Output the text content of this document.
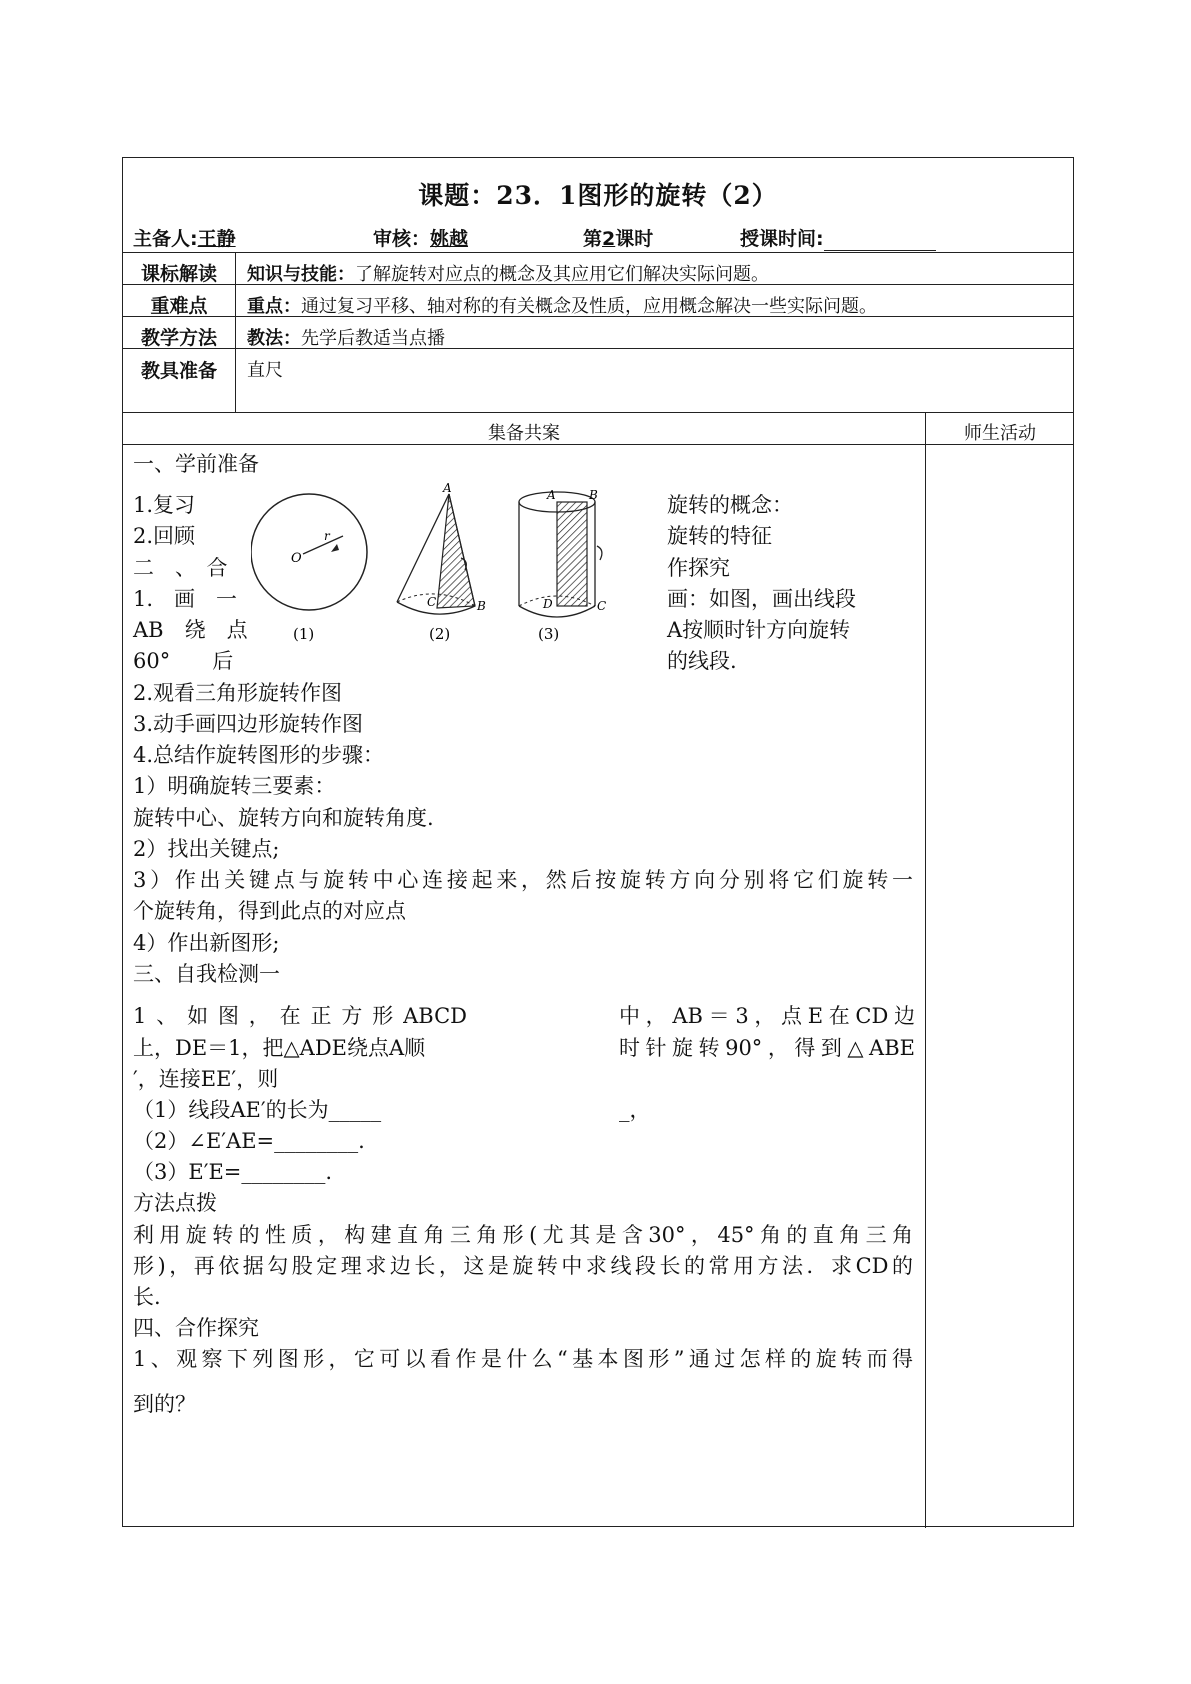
课题：23．1图形的旋转（2）
主备人:王静	审核：姚越	第2课时	授课时间:
课标解读	知识与技能：了解旋转对应点的概念及其应用它们解决实际问题。
重难点	重点：通过复习平移、轴对称的有关概念及性质，应用概念解决一些实际问题。
教学方法	教法：先学后教适当点播
教具准备	直尺
集备共案	师生活动
一、学前准备
1.复习
2.回顾
二　、　合
1.　画　一
AB　绕　点
60°　　后
旋转的概念：
旋转的特征
作探究
画：如图，画出线段
A按顺时针方向旋转
的线段.
O
r
(1)
A
C	B
(2)
A	B
D	C
(3)
2.观看三角形旋转作图
3.动手画四边形旋转作图
4.总结作旋转图形的步骤：
1）明确旋转三要素：
旋转中心、旋转方向和旋转角度.
2）找出关键点;
3）作出关键点与旋转中心连接起来，然后按旋转方向分别将它们旋转一
个旋转角，得到此点的对应点
4）作出新图形;
三、自我检测一
1、如图，在正方形ABCD	中，AB＝3，点E在CD边
上，DE＝1，把△ADE绕点A顺	时针旋转90°，得到△ABE
′，连接EE′，则
（1）线段AE′的长为_____	_，
（2）∠E′AE=________.
（3）E′E=________.
方法点拨
利用旋转的性质，构建直角三角形(尤其是含30°，45°角的直角三角
形)，再依据勾股定理求边长，这是旋转中求线段长的常用方法．求CD的
长.
四、合作探究
1、观察下列图形，它可以看作是什么“基本图形”通过怎样的旋转而得
到的？
